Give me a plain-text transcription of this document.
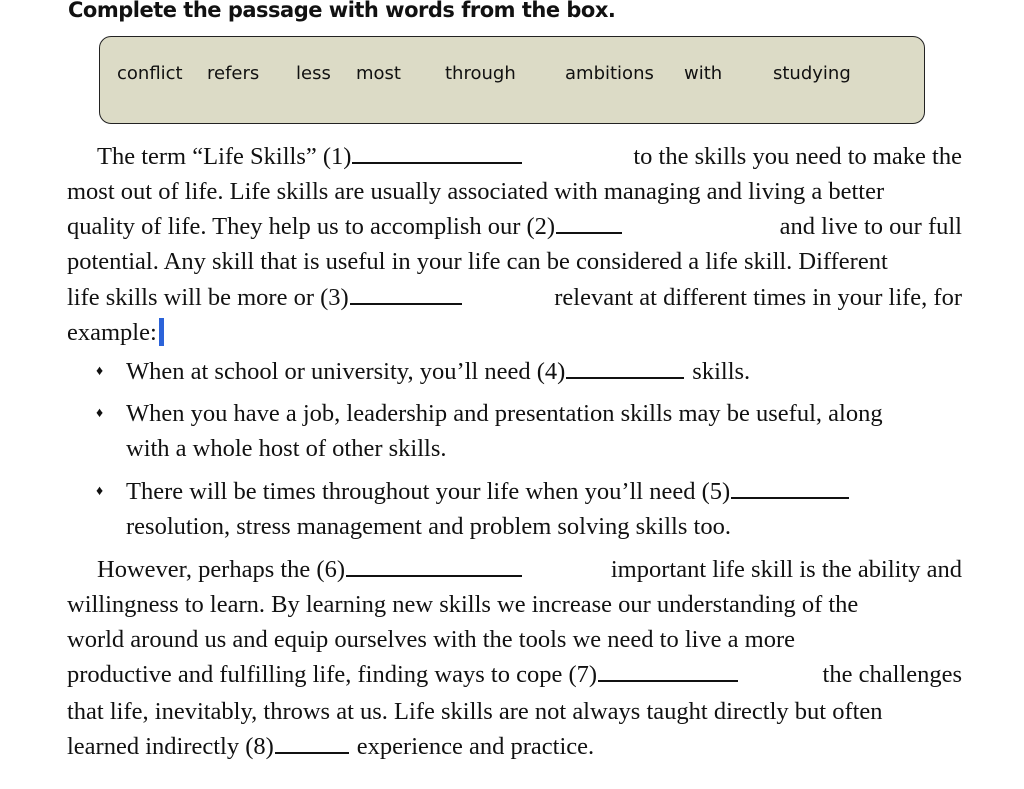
Complete the passage with words from the box.
conflict refers less most through	ambitions with	studying
The term “Life Skills” (1)	to the skills you need to make the
most out of life. Life skills are usually associated with managing and living a better
quality of life. They help us to accomplish our (2)	and live to our full
potential. Any skill that is useful in your life can be considered a life skill. Different
life skills will be more or (3)	relevant at different times in your life, for
example:
♦ When at school or university, you’ll need (4)	skills.
♦ When you have a job, leadership and presentation skills may be useful, along
with a whole host of other skills.
♦ There will be times throughout your life when you’ll need (5)
resolution, stress management and problem solving skills too.
However, perhaps the (6)	important life skill is the ability and
willingness to learn. By learning new skills we increase our understanding of the
world around us and equip ourselves with the tools we need to live a more
productive and fulfilling life, finding ways to cope (7)	the challenges
that life, inevitably, throws at us. Life skills are not always taught directly but often
learned indirectly (8)	experience and practice.
